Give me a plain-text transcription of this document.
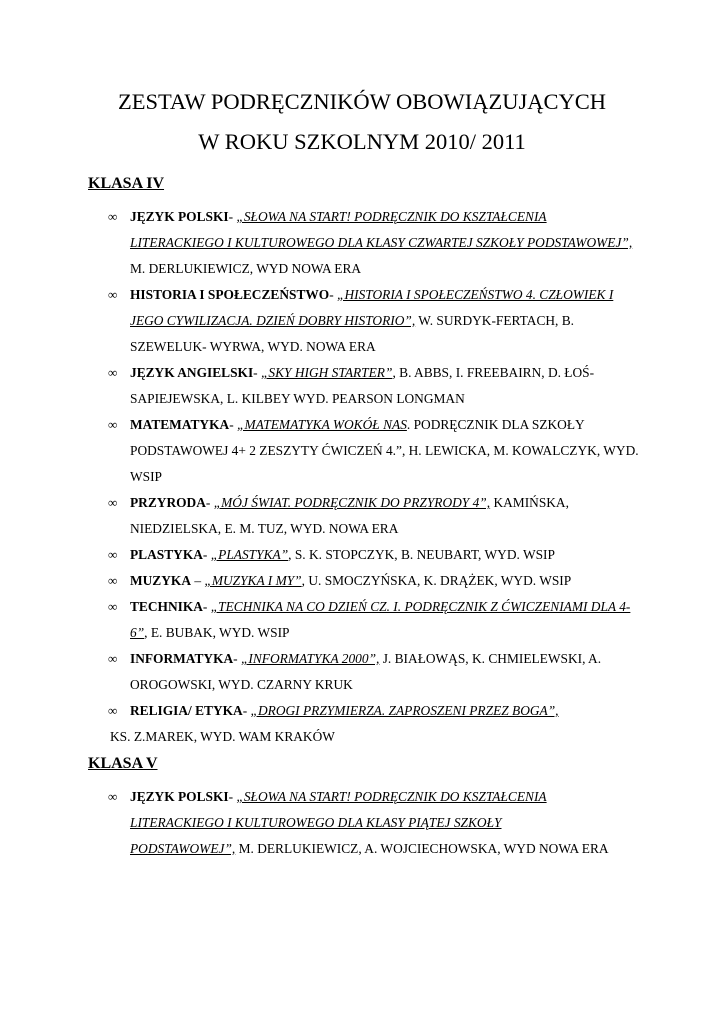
ZESTAW PODRĘCZNIKÓW OBOWIĄZUJĄCYCH
W ROKU SZKOLNYM 2010/ 2011
KLASA IV
∞ JĘZYK POLSKI- „SŁOWA NA START! PODRĘCZNIK DO KSZTAŁCENIA LITERACKIEGO I KULTUROWEGO DLA KLASY CZWARTEJ SZKOŁY PODSTAWOWEJ”, M. DERLUKIEWICZ, WYD NOWA ERA
∞ HISTORIA I SPOŁECZEŃSTWO- „HISTORIA I SPOŁECZEŃSTWO 4. CZŁOWIEK I JEGO CYWILIZACJA. DZIEŃ DOBRY HISTORIO”, W. SURDYK-FERTACH, B. SZEWELUK- WYRWA, WYD. NOWA ERA
∞ JĘZYK ANGIELSKI- „SKY HIGH STARTER”, B. ABBS, I. FREEBAIRN, D. ŁOŚ- SAPIEJEWSKA, L. KILBEY WYD. PEARSON LONGMAN
∞ MATEMATYKA- „MATEMATYKA WOKÓŁ NAS. PODRĘCZNIK DLA SZKOŁY PODSTAWOWEJ 4+ 2 ZESZYTY ĆWICZEŃ 4.”, H. LEWICKA, M. KOWALCZYK, WYD. WSIP
∞ PRZYRODA- „MÓJ ŚWIAT. PODRĘCZNIK DO PRZYRODY 4”, KAMIŃSKA, NIEDZIELSKA, E. M. TUZ, WYD. NOWA ERA
∞ PLASTYKA- „PLASTYKA”, S. K. STOPCZYK, B. NEUBART, WYD. WSIP
∞ MUZYKA – „MUZYKA I MY”, U. SMOCZYŃSKA, K. DRĄŻEK, WYD. WSIP
∞ TECHNIKA- „TECHNIKA NA CO DZIEŃ CZ. I. PODRĘCZNIK Z ĆWICZENIAMI DLA 4-6”, E. BUBAK, WYD. WSIP
∞ INFORMATYKA- „INFORMATYKA 2000”, J. BIAŁOWĄS, K. CHMIELEWSKI, A. OROGOWSKI, WYD. CZARNY KRUK
∞ RELIGIA/ ETYKA- „DROGI PRZYMIERZA. ZAPROSZENI PRZEZ BOGA”,
KS. Z.MAREK, WYD. WAM KRAKÓW
KLASA V
∞ JĘZYK POLSKI- „SŁOWA NA START! PODRĘCZNIK DO KSZTAŁCENIA LITERACKIEGO I KULTUROWEGO DLA KLASY PIĄTEJ SZKOŁY PODSTAWOWEJ”, M. DERLUKIEWICZ, A. WOJCIECHOWSKA, WYD NOWA ERA
